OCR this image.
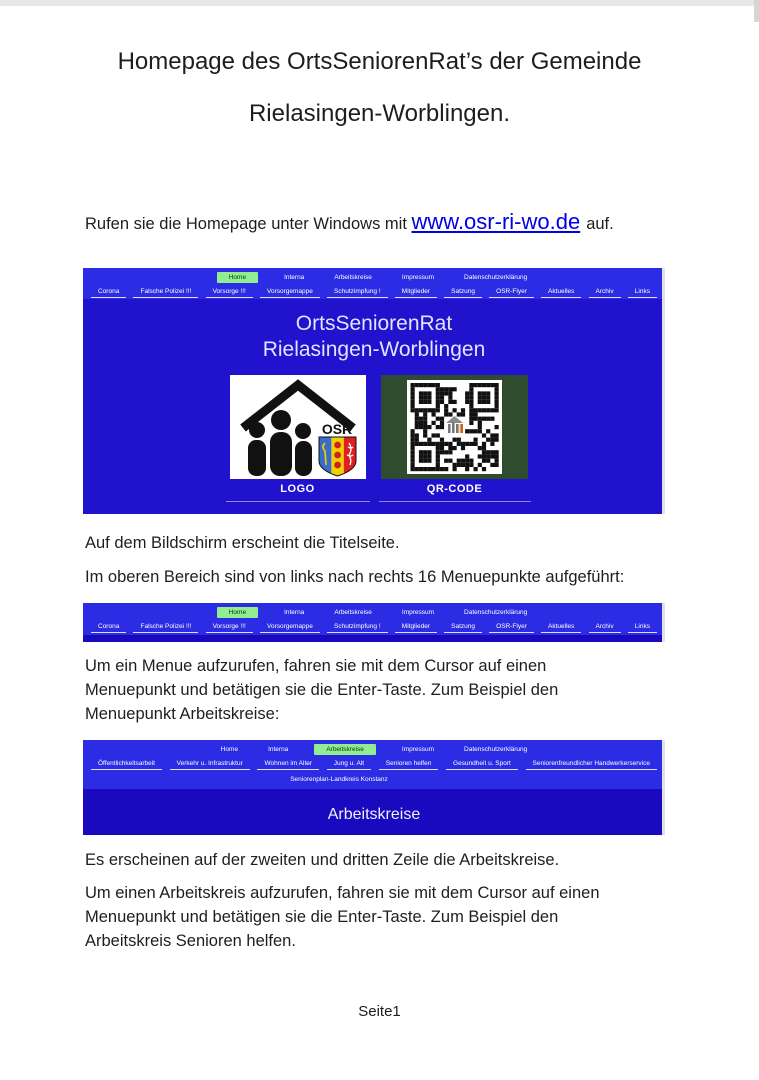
Homepage des OrtsSeniorenRat’s der Gemeinde
Rielasingen-Worblingen.

Rufen sie die Homepage unter Windows mit www.osr-ri-wo.de auf.

Home	Interna	Arbeitskreise	Impressum	Datenschutzerklärung
Corona	Falsche Polizei !!!	Vorsorge !!!	Vorsorgemappe	Schutzimpfung !	Mitglieder	Satzung	OSR-Flyer	Aktuelles	Archiv	Links
OrtsSeniorenRat
Rielasingen-Worblingen
OSR
LOGO	QR-CODE
Auf dem Bildschirm erscheint die Titelseite.
Im oberen Bereich sind von links nach rechts 16 Menuepunkte aufgeführt:
Home	Interna	Arbeitskreise	Impressum	Datenschutzerklärung
Corona	Falsche Polizei !!!	Vorsorge !!!	Vorsorgemappe	Schutzimpfung !	Mitglieder	Satzung	OSR-Flyer	Aktuelles	Archiv	Links
Um ein Menue aufzurufen, fahren sie mit dem Cursor auf einen
Menuepunkt und betätigen sie die Enter-Taste. Zum Beispiel den
Menuepunkt Arbeitskreise:
Home	Interna	Arbeitskreise	Impressum	Datenschutzerklärung
Öffentlichkeitsarbeit	Verkehr u. Infrastruktur	Wohnen im Alter	Jung u. Alt	Senioren helfen	Gesundheit u. Sport	Seniorenfreundlicher Handwerkerservice
Seniorenplan-Landkreis Konstanz
Arbeitskreise
Es erscheinen auf der zweiten und dritten Zeile die Arbeitskreise.
Um einen Arbeitskreis aufzurufen, fahren sie mit dem Cursor auf einen
Menuepunkt und betätigen sie die Enter-Taste. Zum Beispiel den
Arbeitskreis Senioren helfen.
Seite1
